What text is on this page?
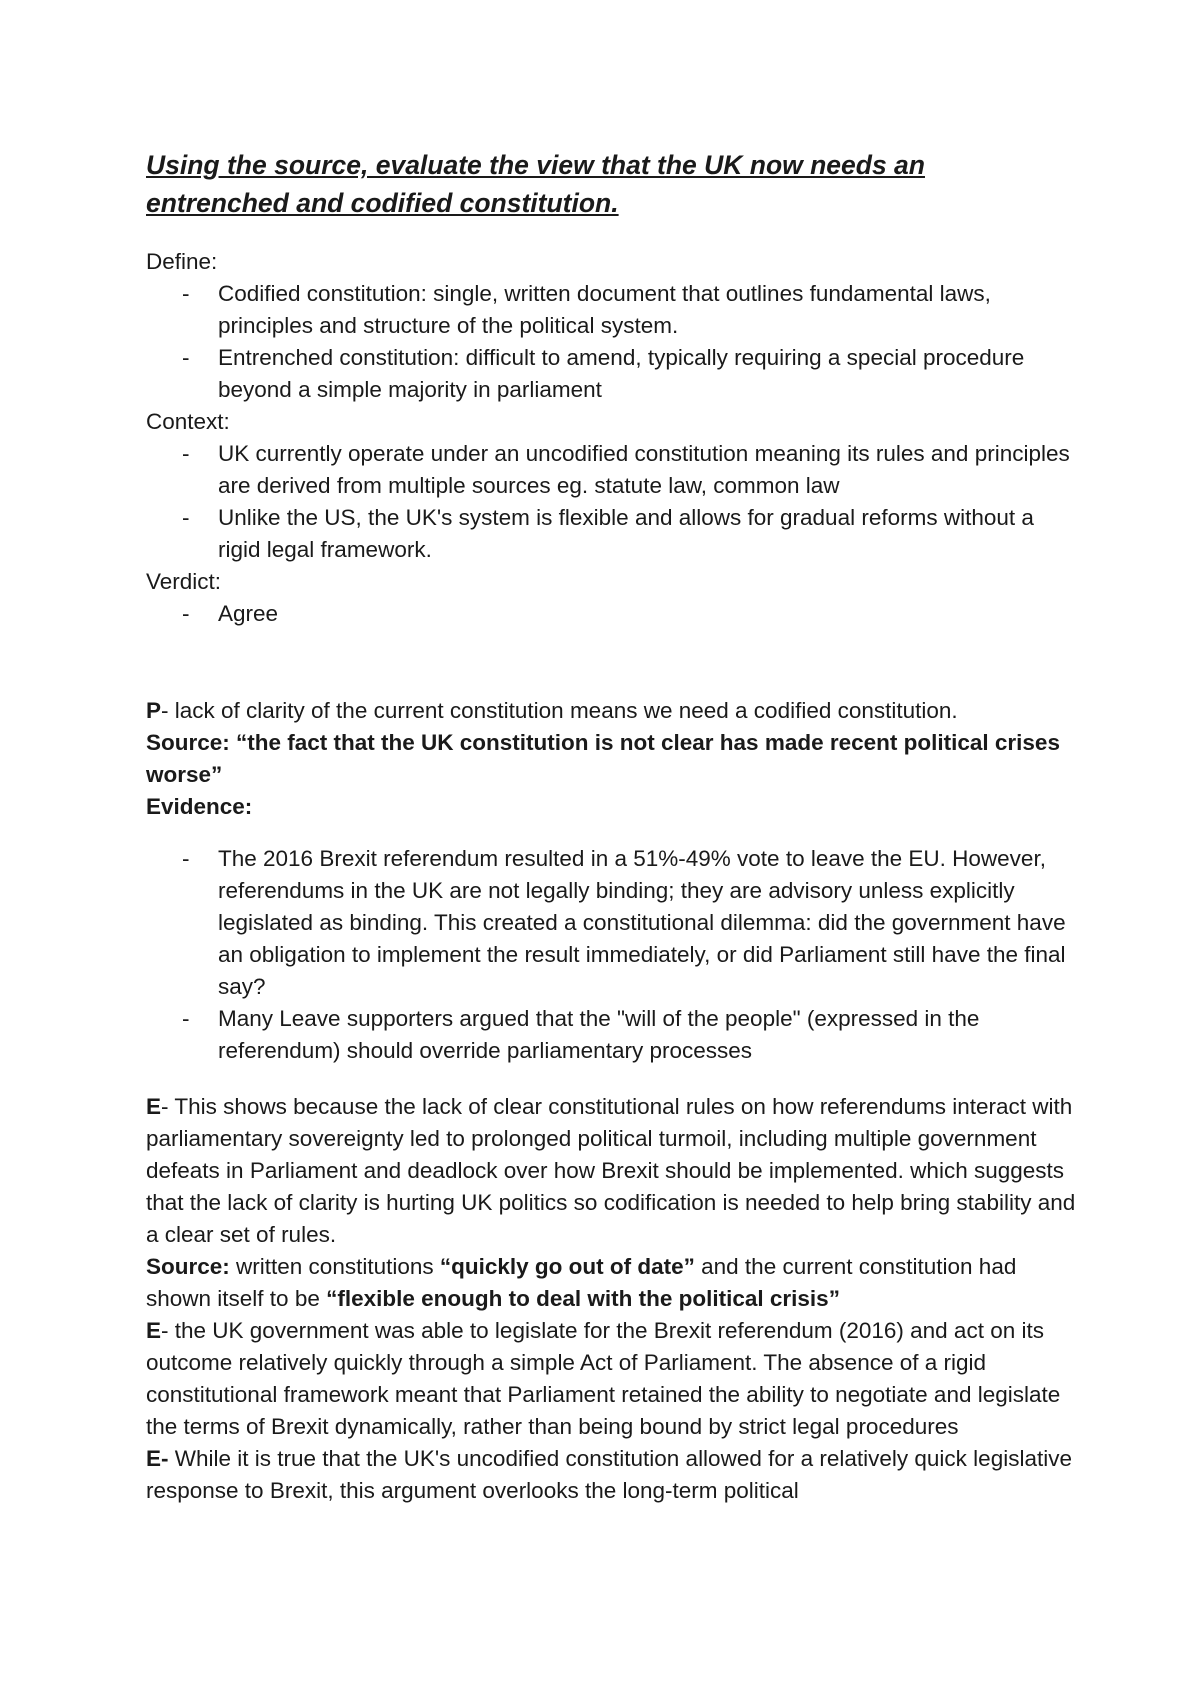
Using the source, evaluate the view that the UK now needs an
entrenched and codified constitution.

Define:

- Codified constitution: single, written document that outlines fundamental laws, principles and structure of the political system.
- Entrenched constitution: difficult to amend, typically requiring a special procedure beyond a simple majority in parliament

Context:

- UK currently operate under an uncodified constitution meaning its rules and principles are derived from multiple sources eg. statute law, common law
- Unlike the US, the UK's system is flexible and allows for gradual reforms without a rigid legal framework.

Verdict:

- Agree

P- lack of clarity of the current constitution means we need a codified constitution.

Source: “the fact that the UK constitution is not clear has made recent political crises worse”

Evidence:

- The 2016 Brexit referendum resulted in a 51%-49% vote to leave the EU. However, referendums in the UK are not legally binding; they are advisory unless explicitly legislated as binding. This created a constitutional dilemma: did the government have an obligation to implement the result immediately, or did Parliament still have the final say?
- Many Leave supporters argued that the "will of the people" (expressed in the referendum) should override parliamentary processes

E- This shows because the lack of clear constitutional rules on how referendums interact with parliamentary sovereignty led to prolonged political turmoil, including multiple government defeats in Parliament and deadlock over how Brexit should be implemented. which suggests that the lack of clarity is hurting UK politics so codification is needed to help bring stability and a clear set of rules.

Source: written constitutions “quickly go out of date” and the current constitution had shown itself to be “flexible enough to deal with the political crisis”

E- the UK government was able to legislate for the Brexit referendum (2016) and act on its outcome relatively quickly through a simple Act of Parliament. The absence of a rigid constitutional framework meant that Parliament retained the ability to negotiate and legislate the terms of Brexit dynamically, rather than being bound by strict legal procedures

E- While it is true that the UK's uncodified constitution allowed for a relatively quick legislative response to Brexit, this argument overlooks the long-term political
